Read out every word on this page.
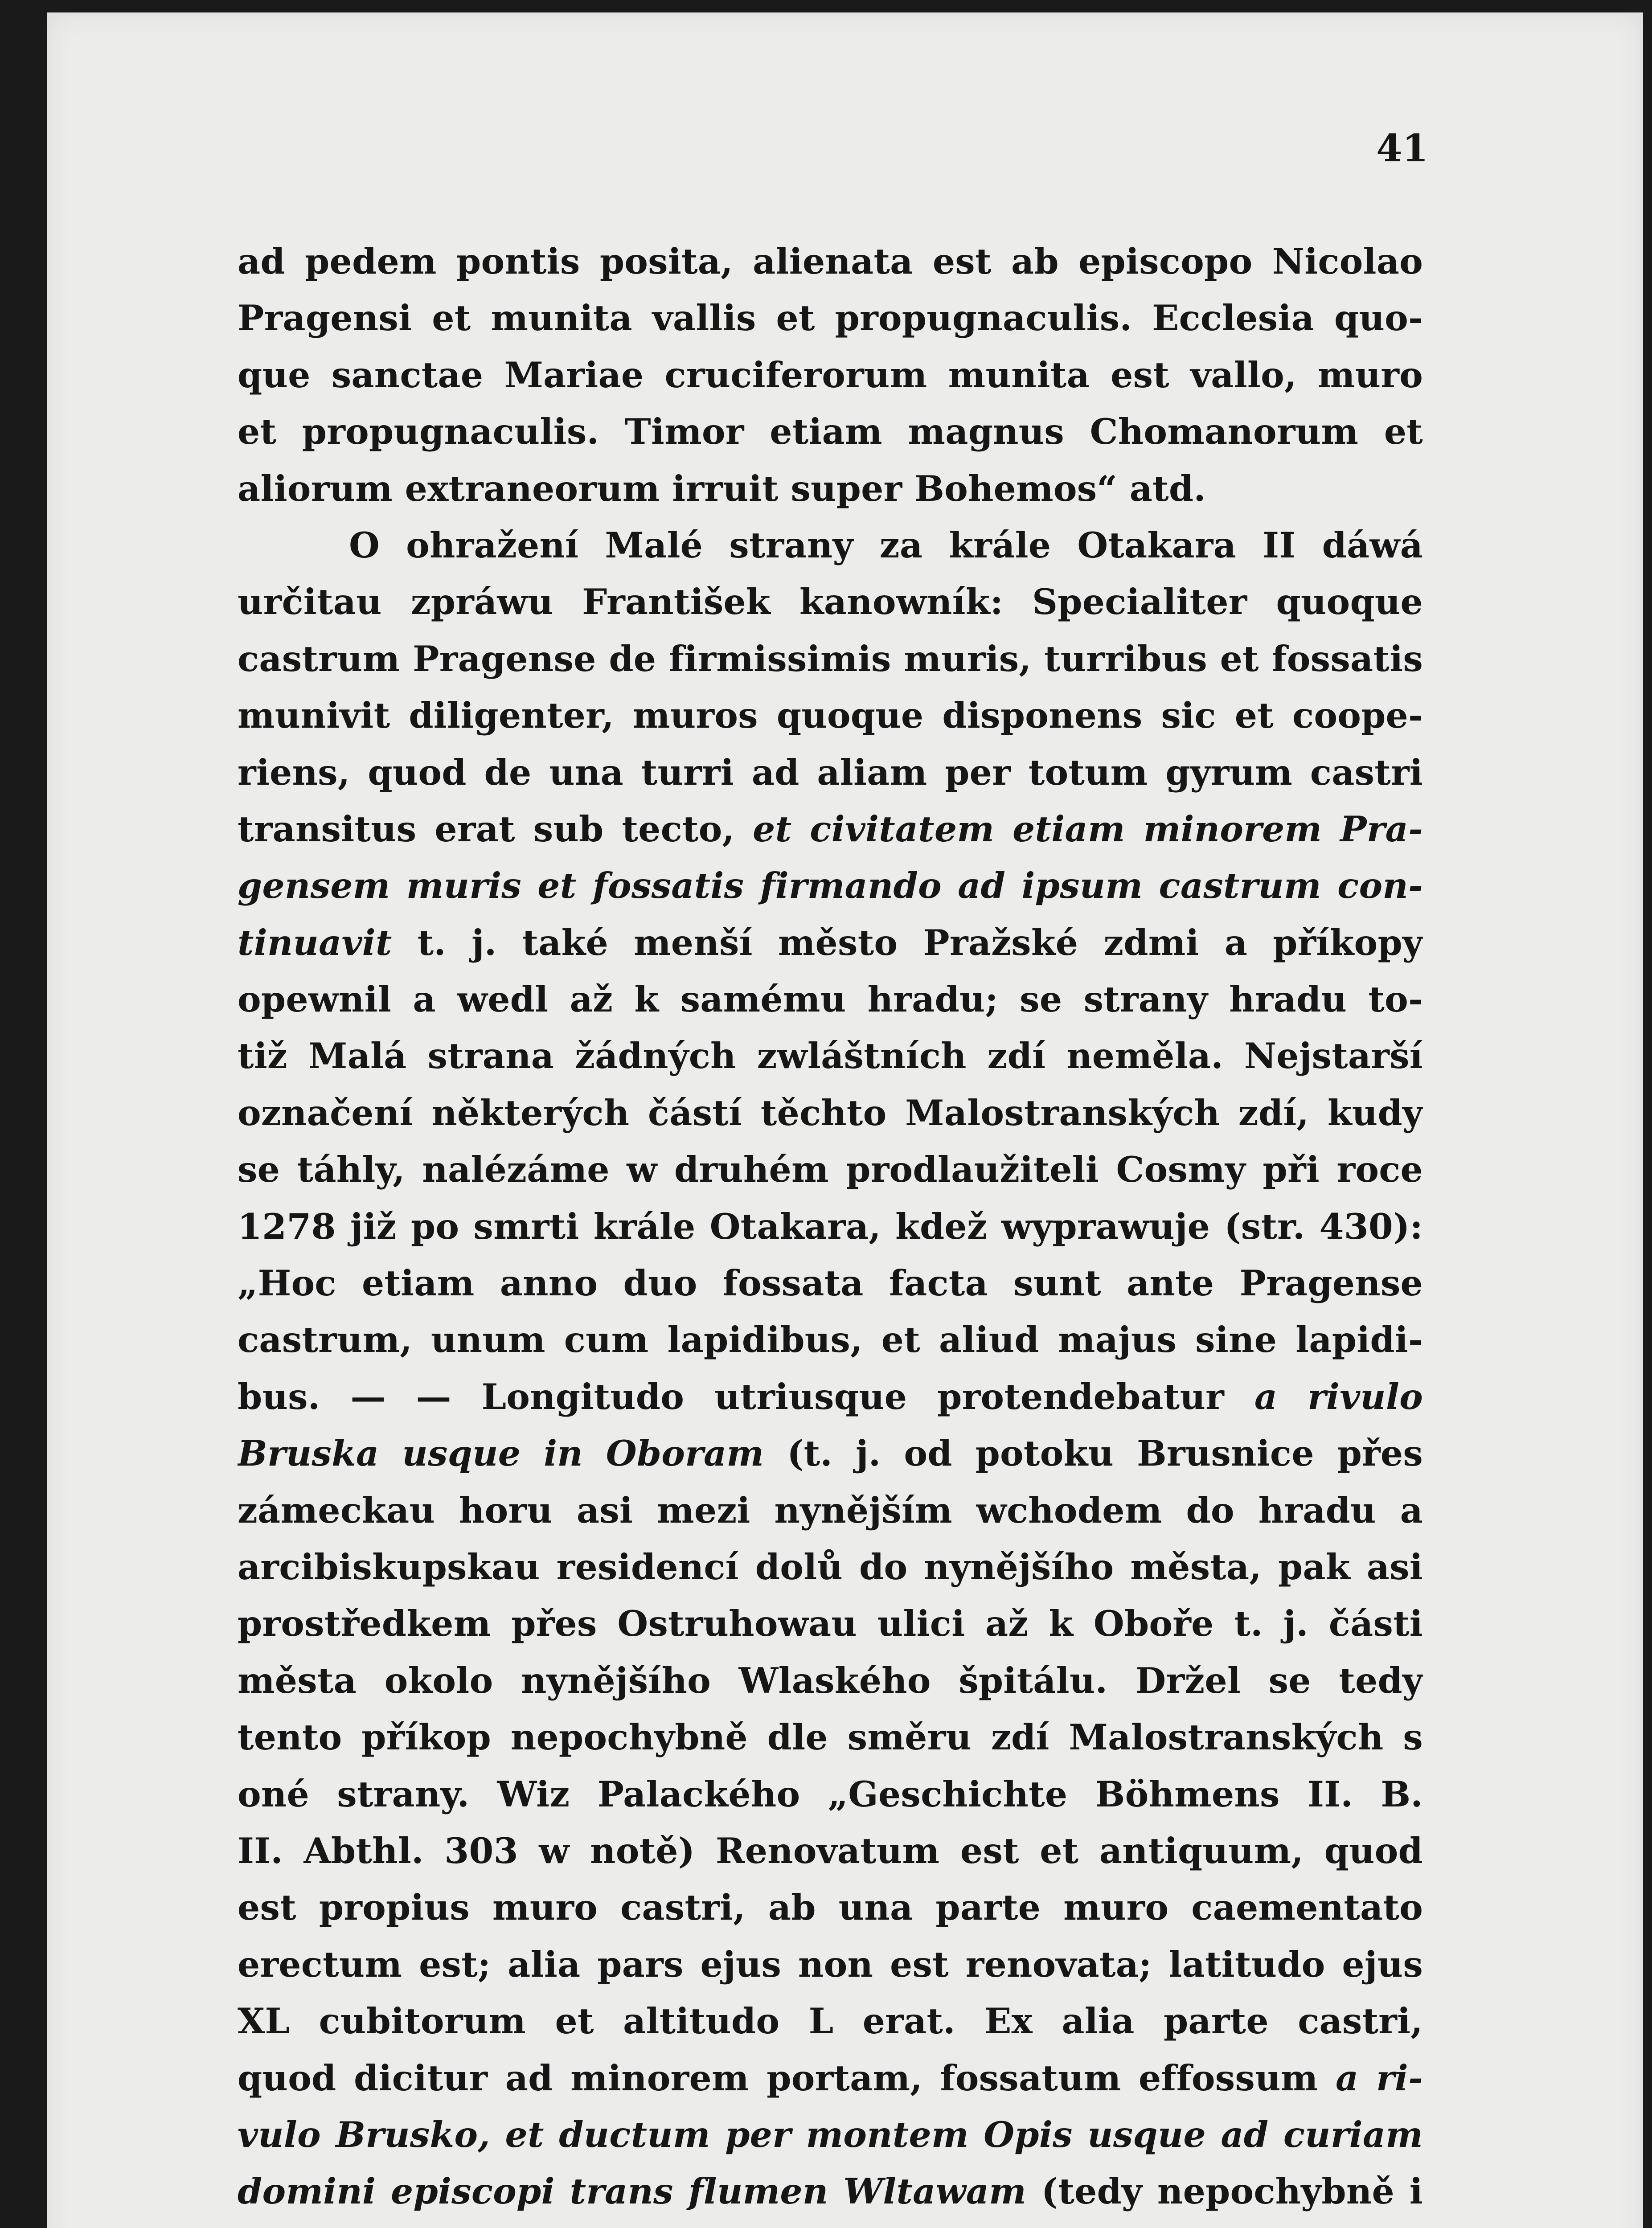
41
ad pedem pontis posita, alienata est ab episcopo Nicolao
Pragensi et munita vallis et propugnaculis. Ecclesia quo-
que sanctae Mariae cruciferorum munita est vallo, muro
et propugnaculis. Timor etiam magnus Chomanorum et
aliorum extraneorum irruit super Bohemos“ atd.
O ohražení Malé strany za krále Otakara II dáwá
určitau zpráwu František kanowník: Specialiter quoque
castrum Pragense de firmissimis muris, turribus et fossatis
munivit diligenter, muros quoque disponens sic et coope-
riens, quod de una turri ad aliam per totum gyrum castri
transitus erat sub tecto, et civitatem etiam minorem Pra-
gensem muris et fossatis firmando ad ipsum castrum con-
tinuavit t. j. také menší město Pražské zdmi a příkopy
opewnil a wedl až k samému hradu; se strany hradu to-
tiž Malá strana žádných zwláštních zdí neměla. Nejstarší
označení některých částí těchto Malostranských zdí, kudy
se táhly, nalézáme w druhém prodlaužiteli Cosmy při roce
1278 již po smrti krále Otakara, kdež wyprawuje (str. 430):
„Hoc etiam anno duo fossata facta sunt ante Pragense
castrum, unum cum lapidibus, et aliud majus sine lapidi-
bus. — — Longitudo utriusque protendebatur a rivulo
Bruska usque in Oboram (t. j. od potoku Brusnice přes
zámeckau horu asi mezi nynějším wchodem do hradu a
arcibiskupskau residencí dolů do nynějšího města, pak asi
prostředkem přes Ostruhowau ulici až k Oboře t. j. části
města okolo nynějšího Wlaského špitálu. Držel se tedy
tento příkop nepochybně dle směru zdí Malostranských s
oné strany. Wiz Palackého „Geschichte Böhmens II. B.
II. Abthl. 303 w notě) Renovatum est et antiquum, quod
est propius muro castri, ab una parte muro caementato
erectum est; alia pars ejus non est renovata; latitudo ejus
XL cubitorum et altitudo L erat. Ex alia parte castri,
quod dicitur ad minorem portam, fossatum effossum a ri-
vulo Brusko, et ductum per montem Opis usque ad curiam
domini episcopi trans flumen Wltawam (tedy nepochybně i
